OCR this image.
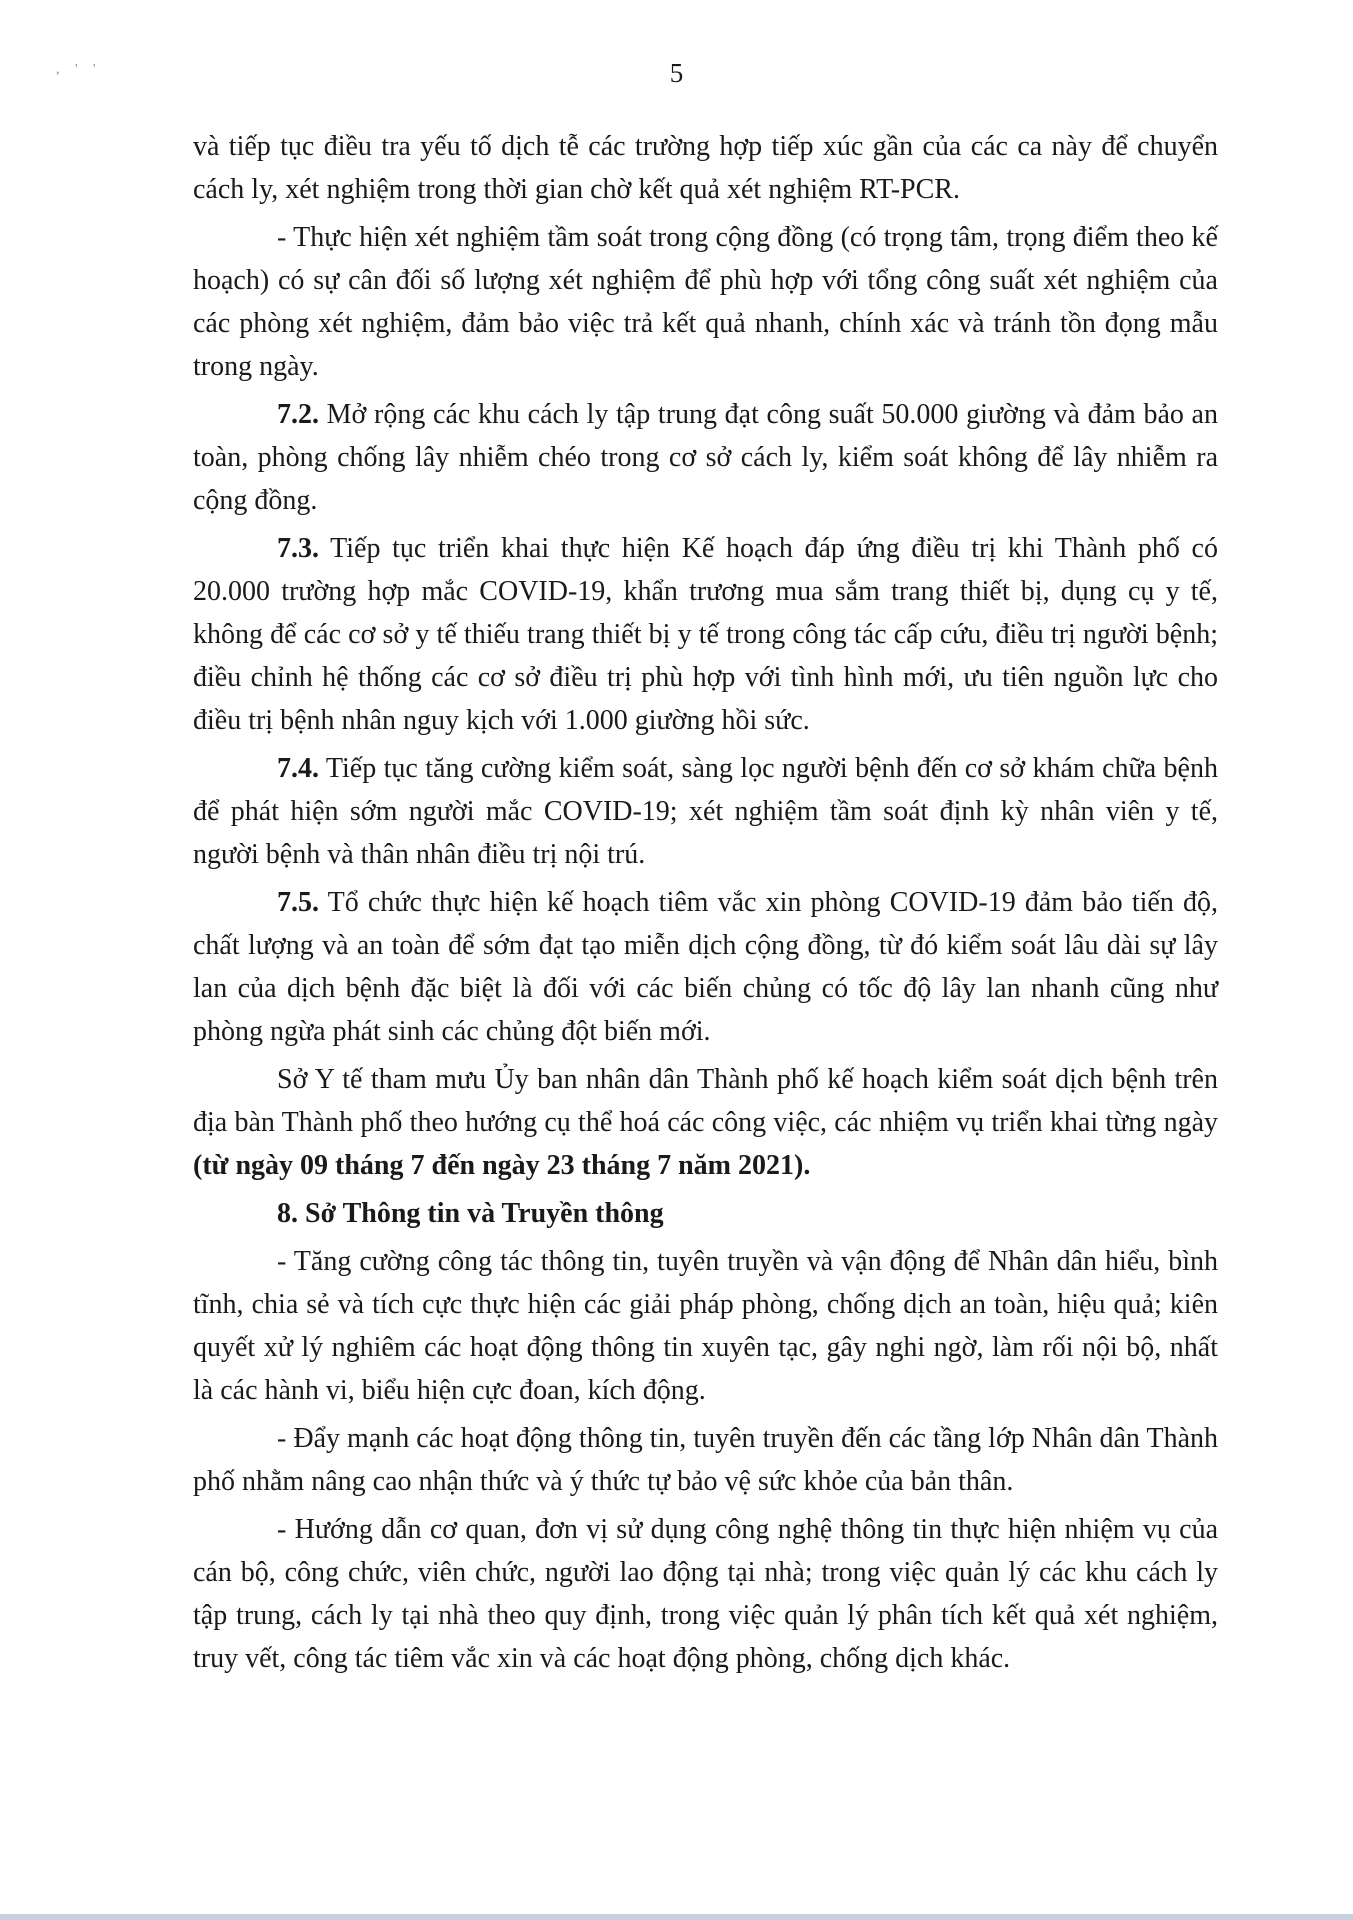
, ' '	5

và tiếp tục điều tra yếu tố dịch tễ các trường hợp tiếp xúc gần của các ca này để chuyển cách ly, xét nghiệm trong thời gian chờ kết quả xét nghiệm RT-PCR.

- Thực hiện xét nghiệm tầm soát trong cộng đồng (có trọng tâm, trọng điểm theo kế hoạch) có sự cân đối số lượng xét nghiệm để phù hợp với tổng công suất xét nghiệm của các phòng xét nghiệm, đảm bảo việc trả kết quả nhanh, chính xác và tránh tồn đọng mẫu trong ngày.

7.2. Mở rộng các khu cách ly tập trung đạt công suất 50.000 giường và đảm bảo an toàn, phòng chống lây nhiễm chéo trong cơ sở cách ly, kiểm soát không để lây nhiễm ra cộng đồng.

7.3. Tiếp tục triển khai thực hiện Kế hoạch đáp ứng điều trị khi Thành phố có 20.000 trường hợp mắc COVID-19, khẩn trương mua sắm trang thiết bị, dụng cụ y tế, không để các cơ sở y tế thiếu trang thiết bị y tế trong công tác cấp cứu, điều trị người bệnh; điều chỉnh hệ thống các cơ sở điều trị phù hợp với tình hình mới, ưu tiên nguồn lực cho điều trị bệnh nhân nguy kịch với 1.000 giường hồi sức.

7.4. Tiếp tục tăng cường kiểm soát, sàng lọc người bệnh đến cơ sở khám chữa bệnh để phát hiện sớm người mắc COVID-19; xét nghiệm tầm soát định kỳ nhân viên y tế, người bệnh và thân nhân điều trị nội trú.

7.5. Tổ chức thực hiện kế hoạch tiêm vắc xin phòng COVID-19 đảm bảo tiến độ, chất lượng và an toàn để sớm đạt tạo miễn dịch cộng đồng, từ đó kiểm soát lâu dài sự lây lan của dịch bệnh đặc biệt là đối với các biến chủng có tốc độ lây lan nhanh cũng như phòng ngừa phát sinh các chủng đột biến mới.

Sở Y tế tham mưu Ủy ban nhân dân Thành phố kế hoạch kiểm soát dịch bệnh trên địa bàn Thành phố theo hướng cụ thể hoá các công việc, các nhiệm vụ triển khai từng ngày (từ ngày 09 tháng 7 đến ngày 23 tháng 7 năm 2021).

8. Sở Thông tin và Truyền thông

- Tăng cường công tác thông tin, tuyên truyền và vận động để Nhân dân hiểu, bình tĩnh, chia sẻ và tích cực thực hiện các giải pháp phòng, chống dịch an toàn, hiệu quả; kiên quyết xử lý nghiêm các hoạt động thông tin xuyên tạc, gây nghi ngờ, làm rối nội bộ, nhất là các hành vi, biểu hiện cực đoan, kích động.

- Đẩy mạnh các hoạt động thông tin, tuyên truyền đến các tầng lớp Nhân dân Thành phố nhằm nâng cao nhận thức và ý thức tự bảo vệ sức khỏe của bản thân.

- Hướng dẫn cơ quan, đơn vị sử dụng công nghệ thông tin thực hiện nhiệm vụ của cán bộ, công chức, viên chức, người lao động tại nhà; trong việc quản lý các khu cách ly tập trung, cách ly tại nhà theo quy định, trong việc quản lý phân tích kết quả xét nghiệm, truy vết, công tác tiêm vắc xin và các hoạt động phòng, chống dịch khác.
